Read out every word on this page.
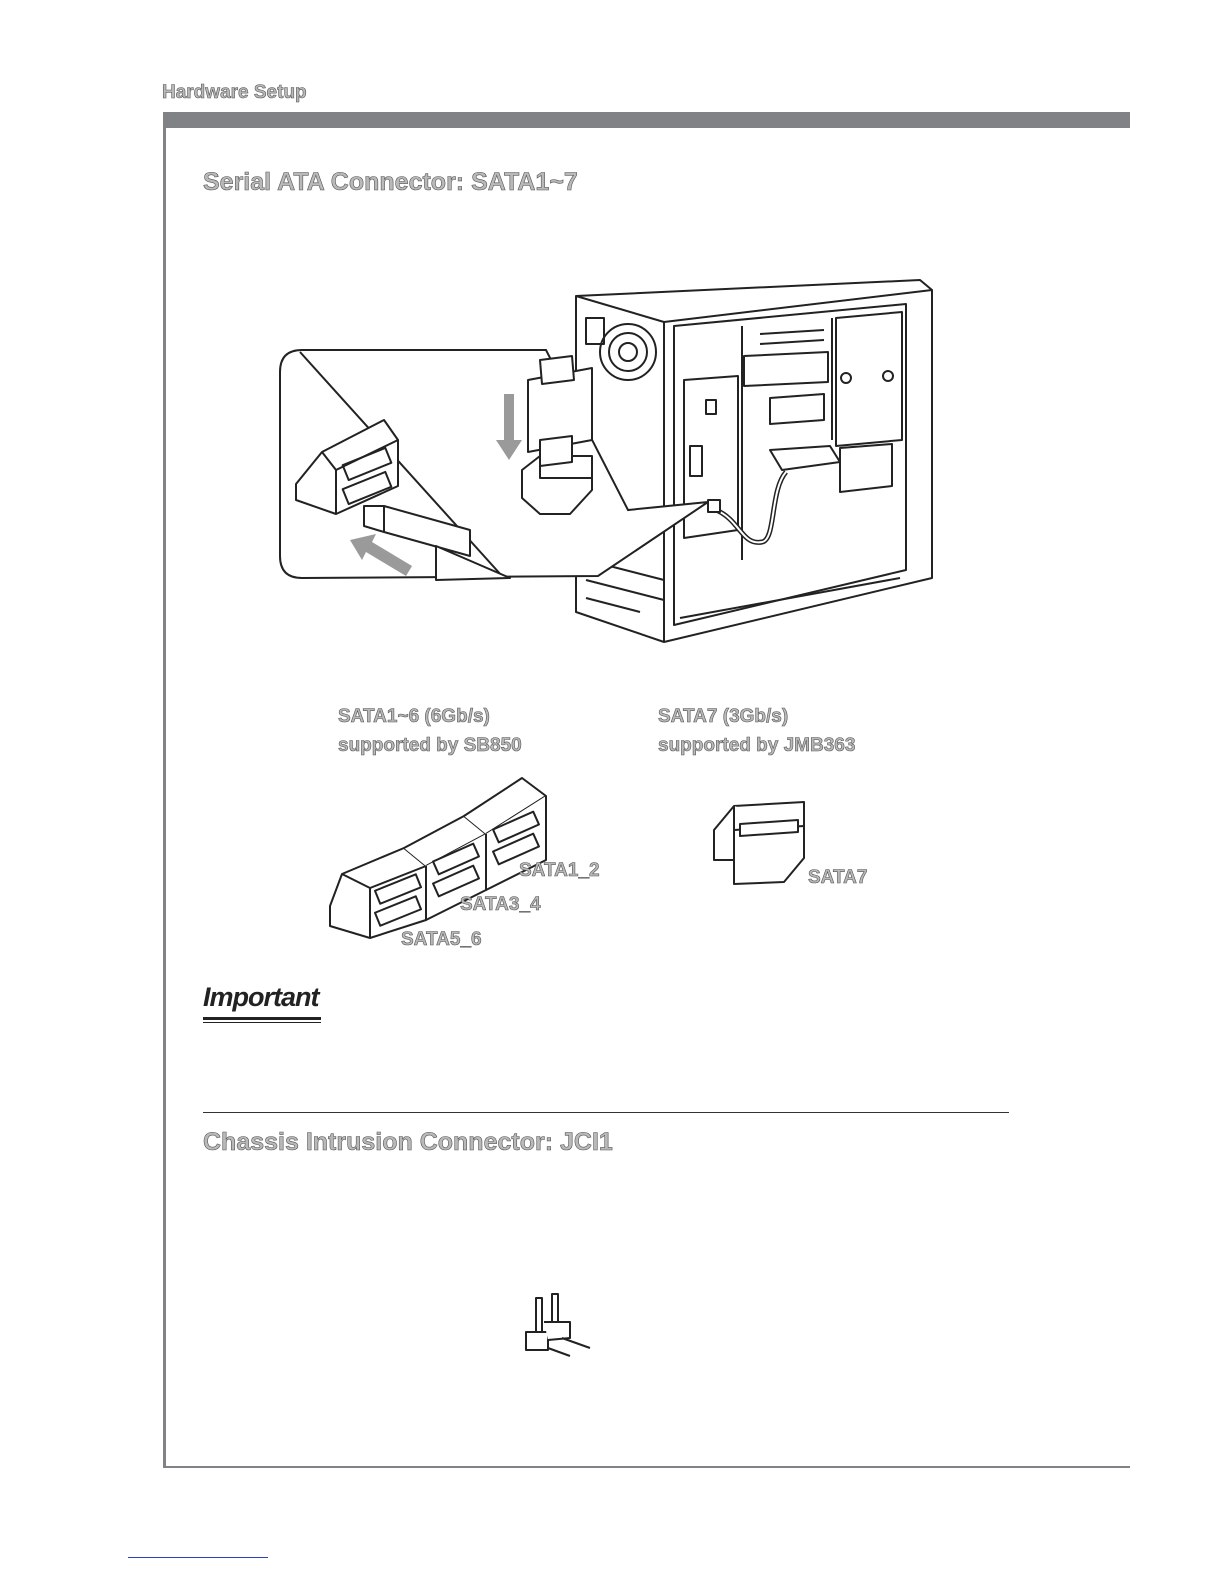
Hardware Setup
Serial ATA Connector: SATA1~7
SATA1~6 (6Gb/s)
supported by SB850
SATA7 (3Gb/s)
supported by JMB363
SATA1_2
SATA3_4
SATA5_6
SATA7
Important
Chassis Intrusion Connector: JCI1
